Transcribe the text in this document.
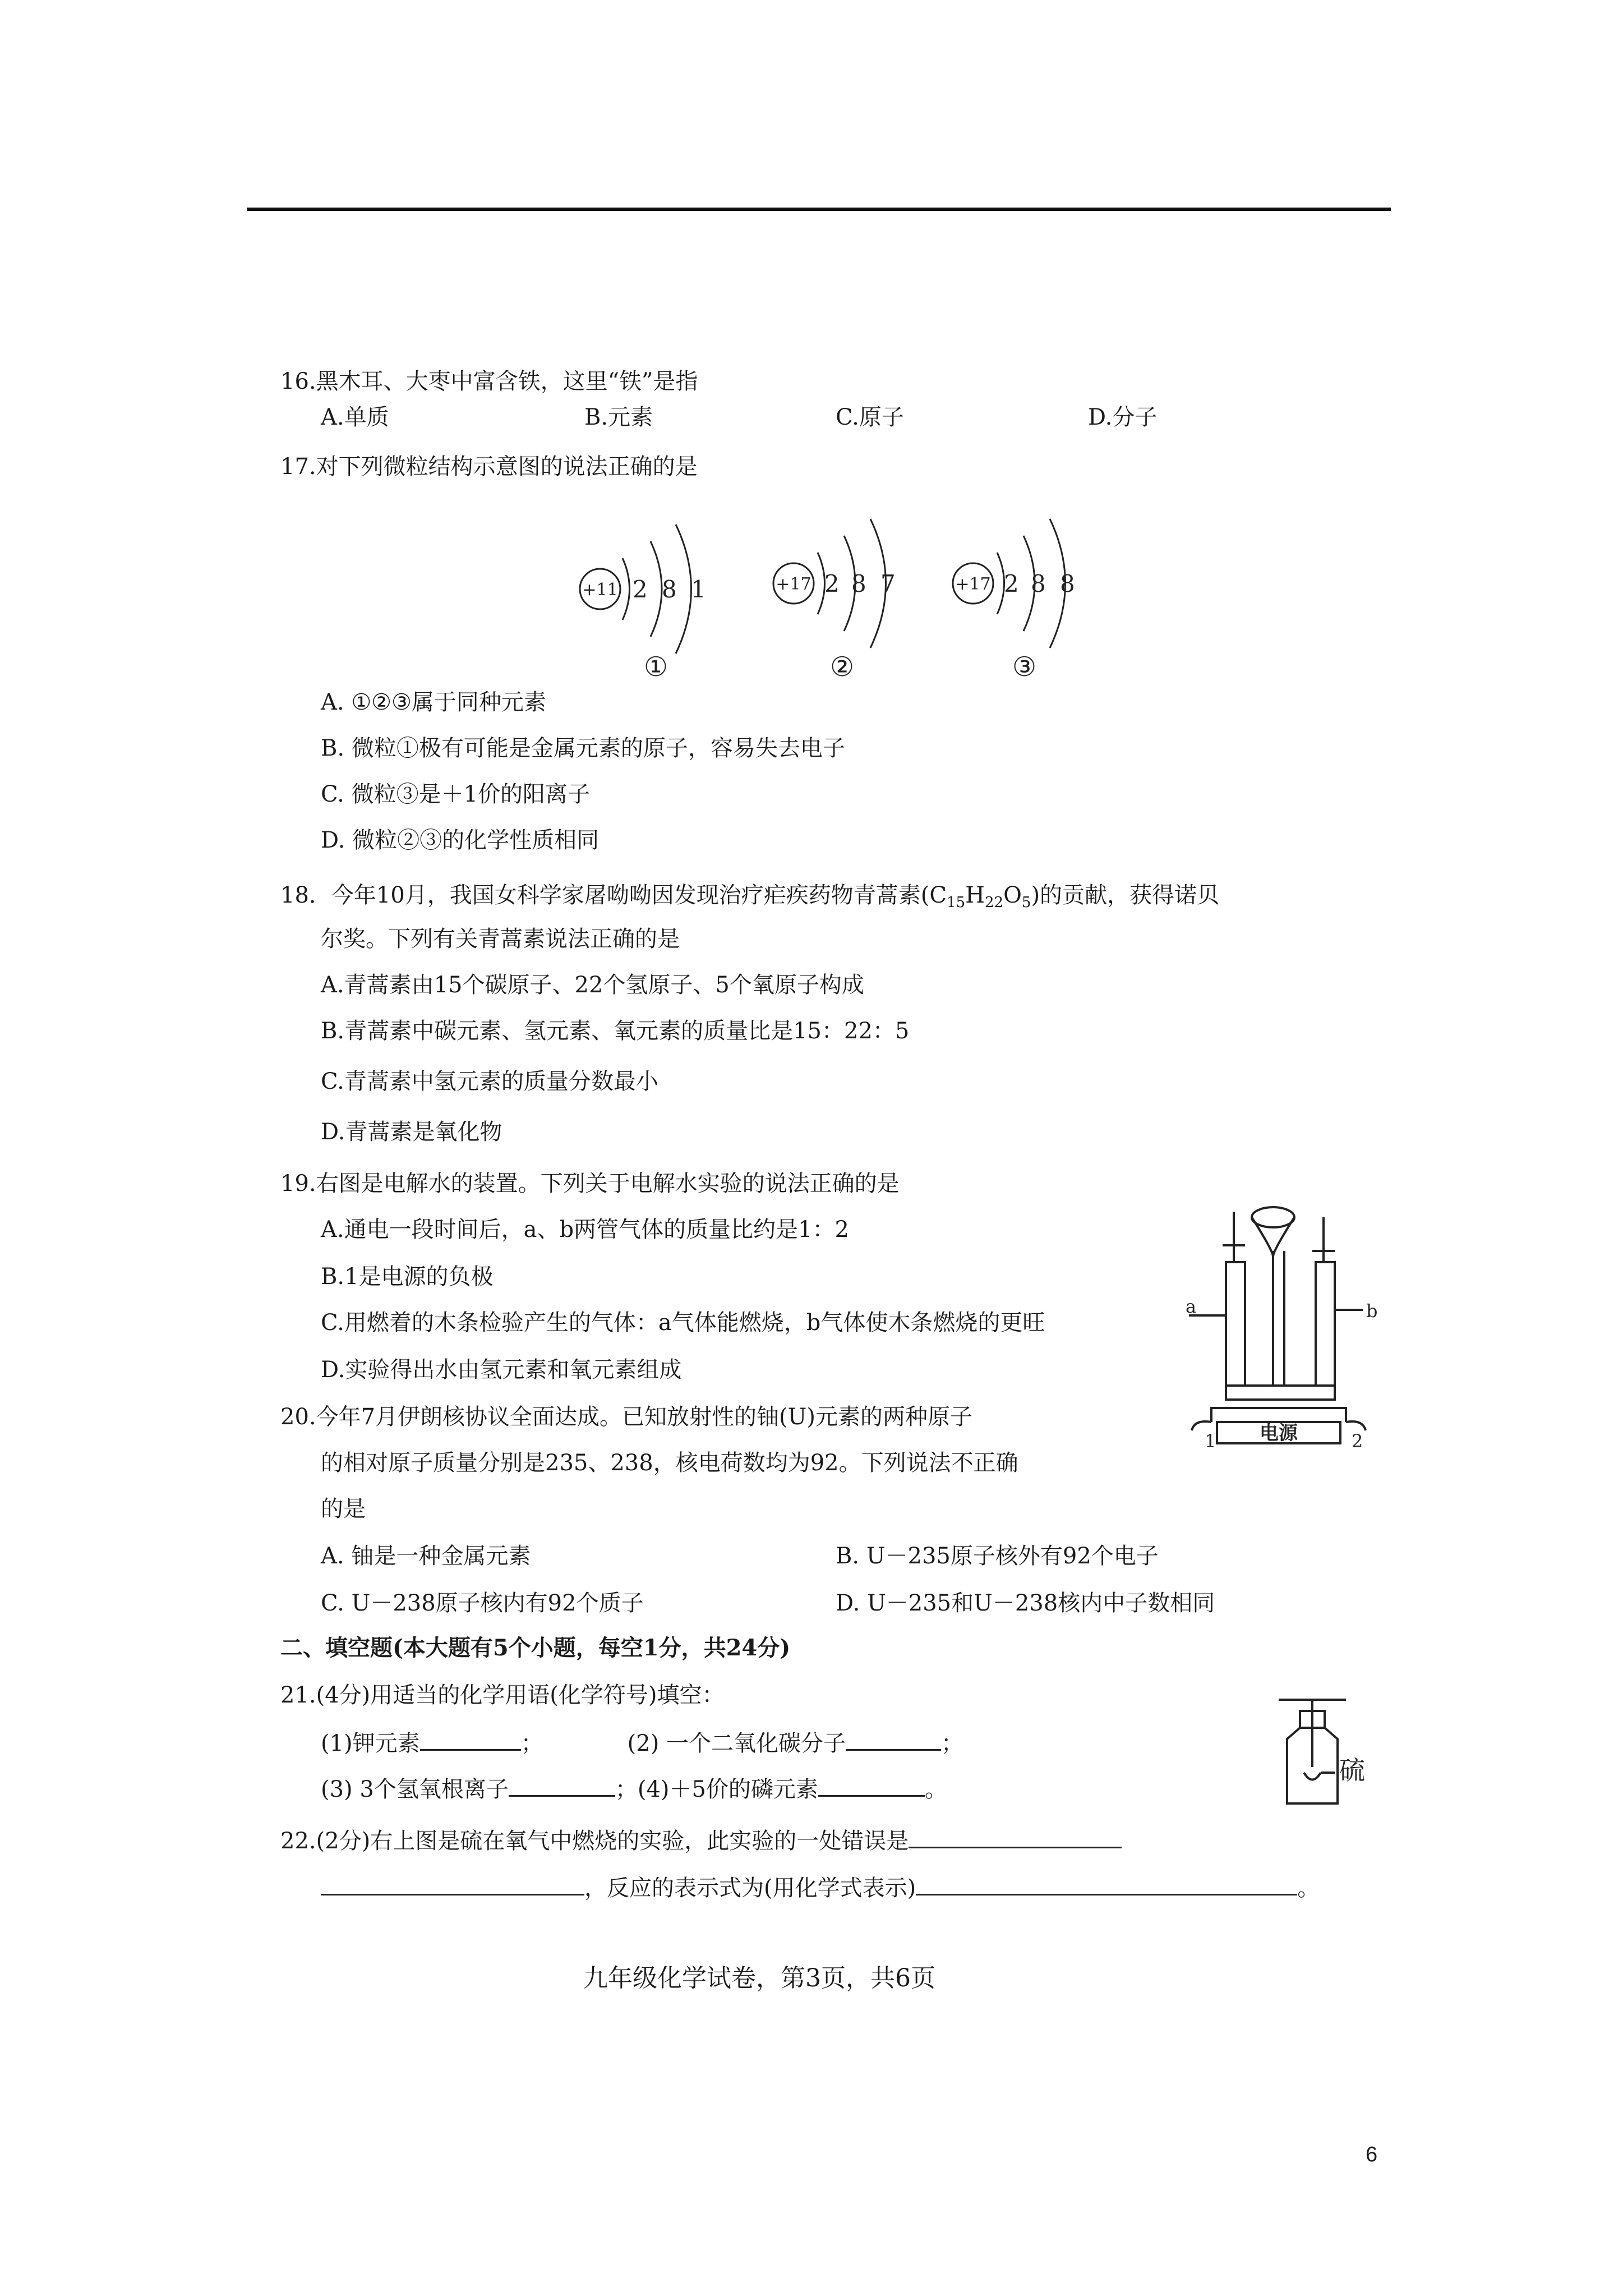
16.黑木耳、大枣中富含铁，这里“铁”是指
A.单质	B.元素	C.原子	D.分子
17.对下列微粒结构示意图的说法正确的是
+11 2 8 1
①
+17 2 8 7
②
+17 2 8 8
③
A. ①②③属于同种元素
B. 微粒①极有可能是金属元素的原子，容易失去电子
C. 微粒③是＋1价的阳离子
D. 微粒②③的化学性质相同
18．今年10月，我国女科学家屠呦呦因发现治疗疟疾药物青蒿素$(C_{15}H_{22}O_5)$的贡献，获得诺贝
尔奖。下列有关青蒿素说法正确的是
A.青蒿素由15个碳原子、22个氢原子、5个氧原子构成
B.青蒿素中碳元素、氢元素、氧元素的质量比是15：22：5
C.青蒿素中氢元素的质量分数最小
D.青蒿素是氧化物
19.右图是电解水的装置。下列关于电解水实验的说法正确的是
A.通电一段时间后，a、b两管气体的质量比约是1：2
B.1是电源的负极
C.用燃着的木条检验产生的气体：a气体能燃烧，b气体使木条燃烧的更旺
D.实验得出水由氢元素和氧元素组成
a	b
电源
1	2
20.今年7月伊朗核协议全面达成。已知放射性的铀(U)元素的两种原子
的相对原子质量分别是235、238，核电荷数均为92。下列说法不正确
的是
A. 铀是一种金属元素	B. U－235原子核外有92个电子
C. U－238原子核内有92个质子	D. U－235和U－238核内中子数相同
二、填空题(本大题有5个小题，每空1分，共24分)
21.(4分)用适当的化学用语(化学符号)填空：
(1)钾元素	；	(2) 一个二氧化碳分子	；
(3) 3个氢氧根离子	；(4)＋5价的磷元素	。
硫
22.(2分)右上图是硫在氧气中燃烧的实验，此实验的一处错误是
，反应的表示式为(用化学式表示)	。
九年级化学试卷，第3页，共6页
6
